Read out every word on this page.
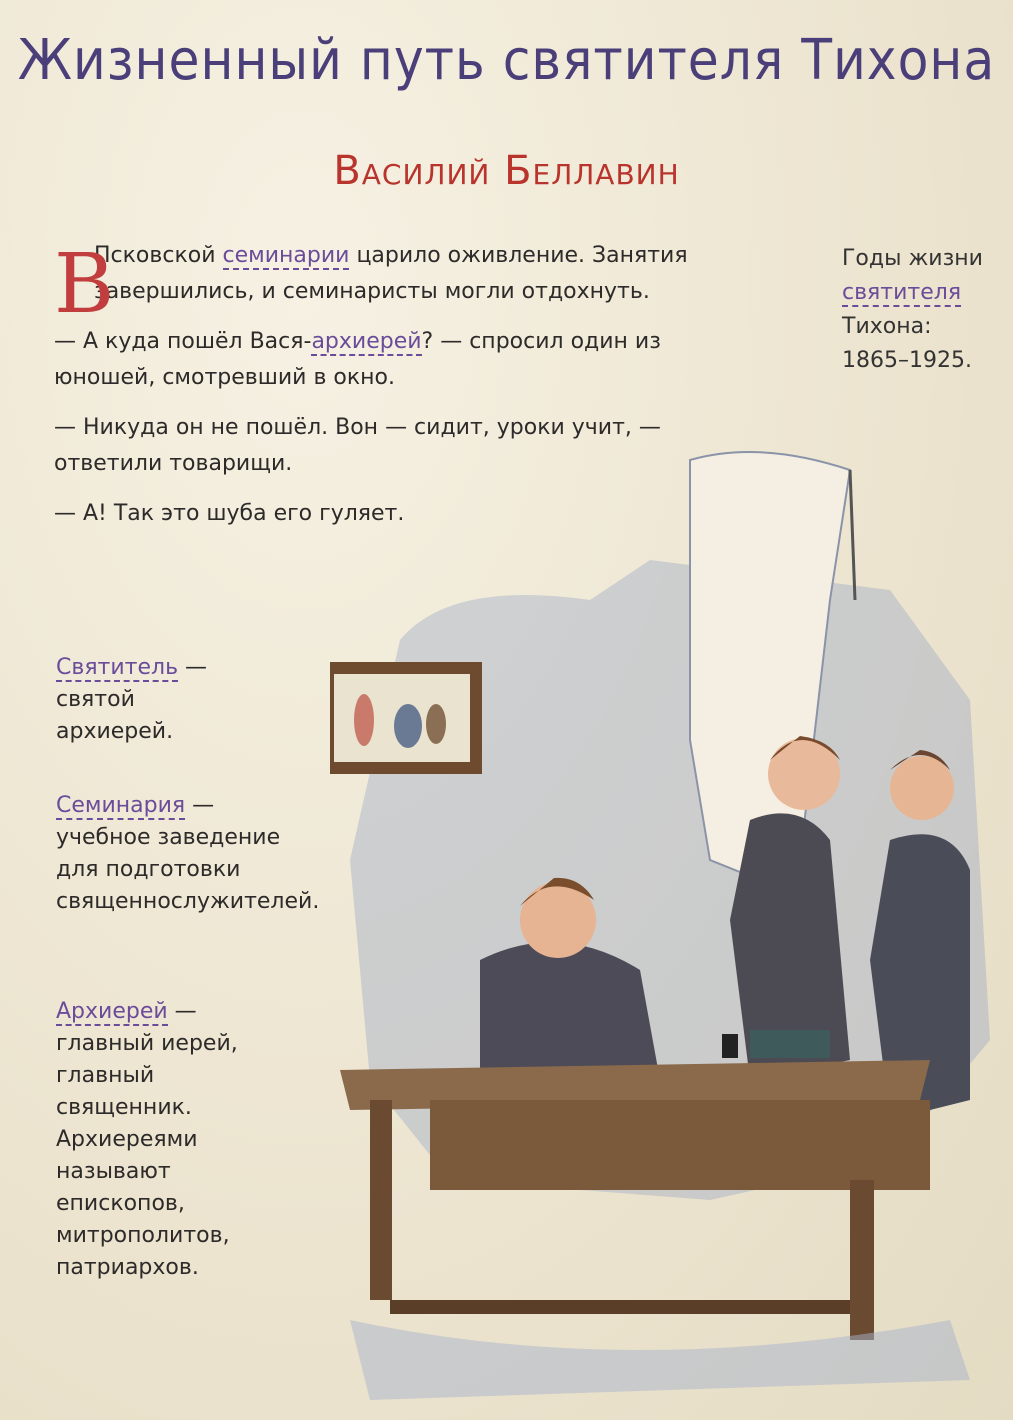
Жизненный путь святителя Тихона
Василий Беллавин
В

Псковской семинарии царило оживление. Занятия завершились, и семинаристы могли отдохнуть.

— А куда пошёл Вася-архиерей? — спросил один из юношей, смотревший в окно.

— Никуда он не пошёл. Вон — сидит, уроки учит, — ответили товарищи.

— А! Так это шуба его гуляет.

Годы жизни
святителя
Тихона:
1865–1925.
Святитель —
святой архиерей.
Семинария —
учебное заведение для подготовки священнослужителей.
Архиерей —
главный иерей, главный священник. Архиереями называют епископов, митрополитов, патриархов.
